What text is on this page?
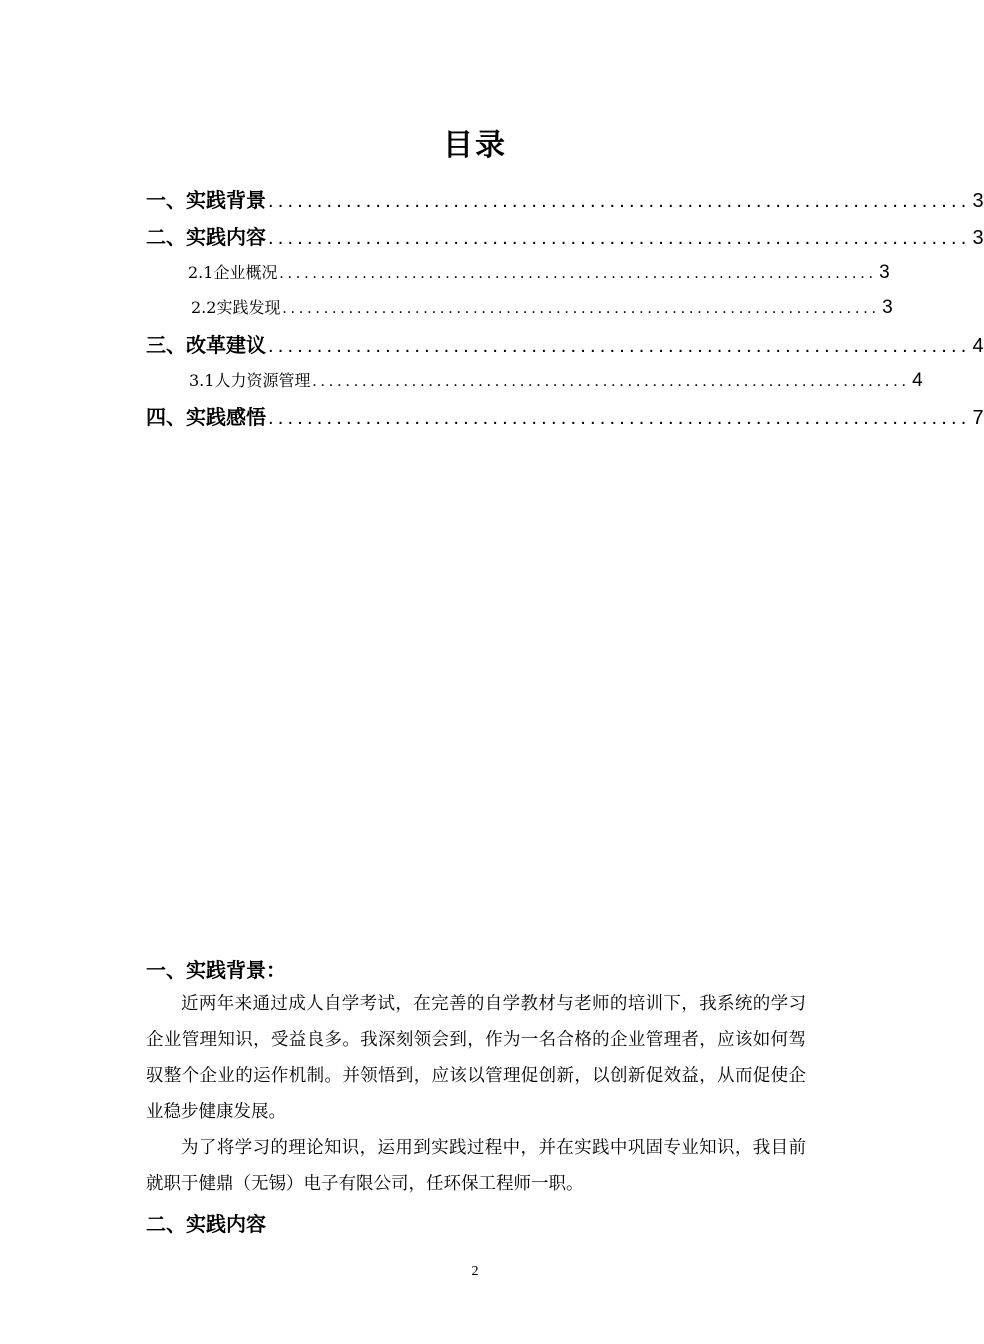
目录
一、实践背景 ........................................................................ 3
二、实践内容 ........................................................................ 3
2.1企业概况 ........................................................................ 3
2.2实践发现 ........................................................................ 3
三、改革建议 ........................................................................ 4
3.1人力资源管理 ........................................................................ 4
四、实践感悟 ........................................................................ 7
一、实践背景：

近两年来通过成人自学考试，在完善的自学教材与老师的培训下，我系统的学习企业管理知识，受益良多。我深刻领会到，作为一名合格的企业管理者，应该如何驾驭整个企业的运作机制。并领悟到，应该以管理促创新，以创新促效益，从而促使企业稳步健康发展。

为了将学习的理论知识，运用到实践过程中，并在实践中巩固专业知识，我目前就职于健鼎（无锡）电子有限公司，任环保工程师一职。

二、实践内容
2
